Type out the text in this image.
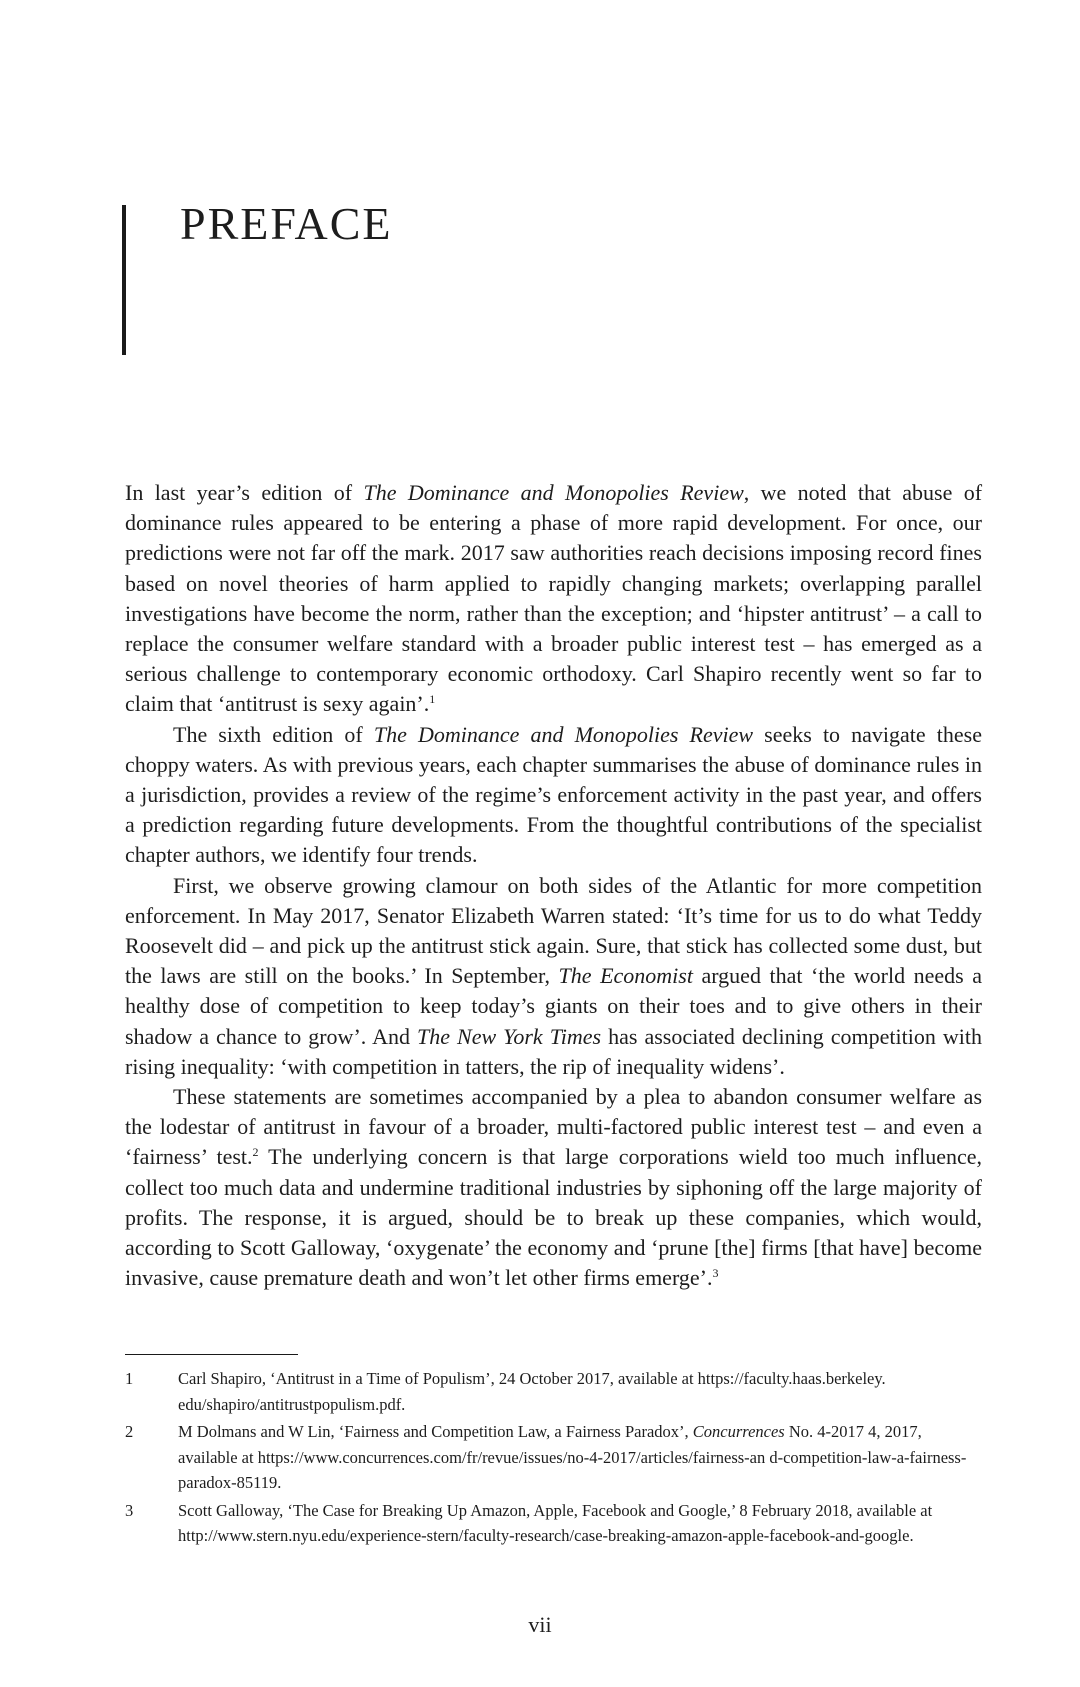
PREFACE

In last year’s edition of The Dominance and Monopolies Review, we noted that abuse of dominance rules appeared to be entering a phase of more rapid development. For once, our predictions were not far off the mark. 2017 saw authorities reach decisions imposing record fines based on novel theories of harm applied to rapidly changing markets; overlapping parallel investigations have become the norm, rather than the exception; and ‘hipster antitrust’ – a call to replace the consumer welfare standard with a broader public interest test – has emerged as a serious challenge to contemporary economic orthodoxy. Carl Shapiro recently went so far to claim that ‘antitrust is sexy again’.$^1$

The sixth edition of The Dominance and Monopolies Review seeks to navigate these choppy waters. As with previous years, each chapter summarises the abuse of dominance rules in a jurisdiction, provides a review of the regime’s enforcement activity in the past year, and offers a prediction regarding future developments. From the thoughtful contributions of the specialist chapter authors, we identify four trends.

First, we observe growing clamour on both sides of the Atlantic for more competition enforcement. In May 2017, Senator Elizabeth Warren stated: ‘It’s time for us to do what Teddy Roosevelt did – and pick up the antitrust stick again. Sure, that stick has collected some dust, but the laws are still on the books.’ In September, The Economist argued that ‘the world needs a healthy dose of competition to keep today’s giants on their toes and to give others in their shadow a chance to grow’. And The New York Times has associated declining competition with rising inequality: ‘with competition in tatters, the rip of inequality widens’.

These statements are sometimes accompanied by a plea to abandon consumer welfare as the lodestar of antitrust in favour of a broader, multi-factored public interest test – and even a ‘fairness’ test.$^2$ The underlying concern is that large corporations wield too much influence, collect too much data and undermine traditional industries by siphoning off the large majority of profits. The response, it is argued, should be to break up these companies, which would, according to Scott Galloway, ‘oxygenate’ the economy and ‘prune [the] firms [that have] become invasive, cause premature death and won’t let other firms emerge’.$^3$

1	Carl Shapiro, ‘Antitrust in a Time of Populism’, 24 October 2017, available at https://faculty.haas.berkeley. edu/shapiro/antitrustpopulism.pdf.
2	M Dolmans and W Lin, ‘Fairness and Competition Law, a Fairness Paradox’, Concurrences No. 4-2017 4, 2017, available at https://www.concurrences.com/fr/revue/issues/no-4-2017/articles/fairness-an d-competition-law-a-fairness-paradox-85119.
3	Scott Galloway, ‘The Case for Breaking Up Amazon, Apple, Facebook and Google,’ 8 February 2018, available at http://www.stern.nyu.edu/experience-stern/faculty-research/case-breaking-amazon-apple-facebook-and-google.
vii
